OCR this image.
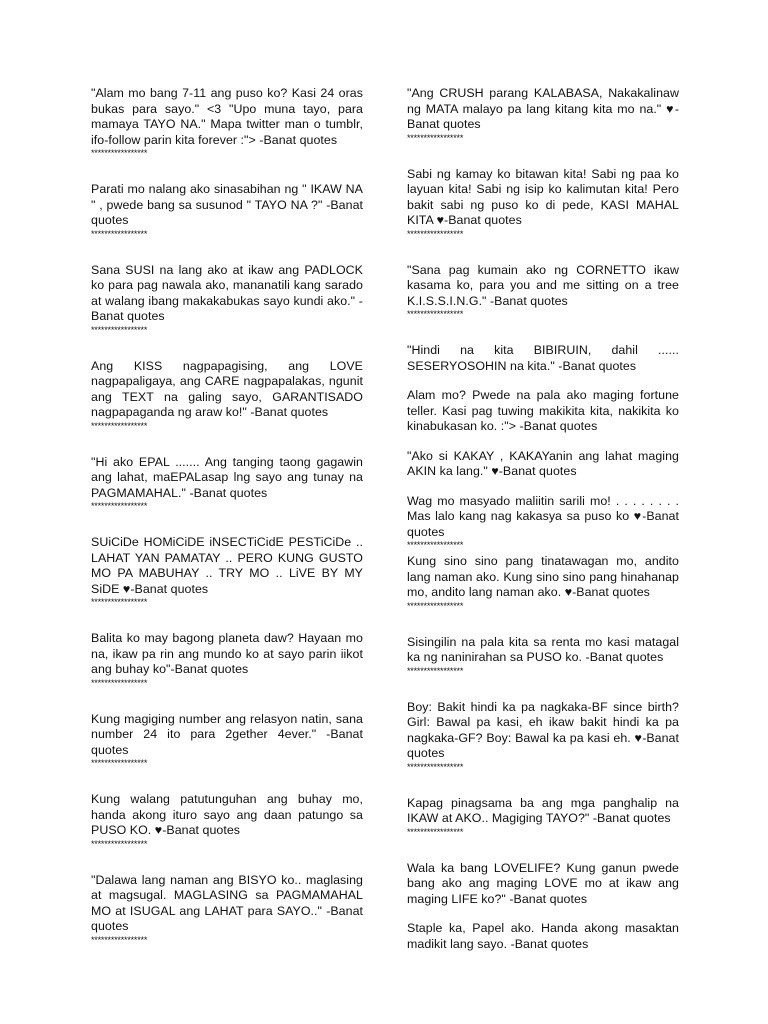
"Alam mo bang 7-11 ang puso ko? Kasi 24 oras bukas para sayo." <3 "Upo muna tayo, para mamaya TAYO NA." Mapa twitter man o tumblr, ifo-follow parin kita forever :"> -Banat quotes
*****************
Parati mo nalang ako sinasabihan ng " IKAW NA " , pwede bang sa susunod " TAYO NA ?" -Banat quotes
*****************
Sana SUSI na lang ako at ikaw ang PADLOCK ko para pag nawala ako, mananatili kang sarado at walang ibang makakabukas sayo kundi ako." -Banat quotes
*****************
Ang KISS nagpapagising, ang LOVE nagpapaligaya, ang CARE nagpapalakas, ngunit ang TEXT na galing sayo, GARANTISADO nagpapaganda ng araw ko!" -Banat quotes
*****************
"Hi ako EPAL ....... Ang tanging taong gagawin ang lahat, maEPALasap lng sayo ang tunay na PAGMAMAHAL." -Banat quotes
*****************
SUiCiDe HOMiCiDE iNSECTiCidE PESTiCiDe .. LAHAT YAN PAMATAY .. PERO KUNG GUSTO MO PA MABUHAY .. TRY MO .. LiVE BY MY SiDE ♥-Banat quotes
*****************
Balita ko may bagong planeta daw? Hayaan mo na, ikaw pa rin ang mundo ko at sayo parin iikot ang buhay ko"-Banat quotes
*****************
Kung magiging number ang relasyon natin, sana number 24 ito para 2gether 4ever." -Banat quotes
*****************
Kung walang patutunguhan ang buhay mo, handa akong ituro sayo ang daan patungo sa PUSO KO. ♥-Banat quotes
*****************
"Dalawa lang naman ang BISYO ko.. maglasing at magsugal. MAGLASING sa PAGMAMAHAL MO at ISUGAL ang LAHAT para SAYO.." -Banat quotes
*****************
"Ang CRUSH parang KALABASA, Nakakalinaw ng MATA malayo pa lang kitang kita mo na." ♥-Banat quotes
*****************
Sabi ng kamay ko bitawan kita! Sabi ng paa ko layuan kita! Sabi ng isip ko kalimutan kita! Pero bakit sabi ng puso ko di pede, KASI MAHAL KITA ♥-Banat quotes
*****************
"Sana pag kumain ako ng CORNETTO ikaw kasama ko, para you and me sitting on a tree K.I.S.S.I.N.G." -Banat quotes
*****************
"Hindi na kita BIBIRUIN, dahil ...... SESERYOSOHIN na kita." -Banat quotes
Alam mo? Pwede na pala ako maging fortune teller. Kasi pag tuwing makikita kita, nakikita ko kinabukasan ko. :"> -Banat quotes
"Ako si KAKAY , KAKAYanin ang lahat maging AKIN ka lang." ♥-Banat quotes
Wag mo masyado maliitin sarili mo! . . . . . . . . Mas lalo kang nag kakasya sa puso ko ♥-Banat quotes
*****************
Kung sino sino pang tinatawagan mo, andito lang naman ako. Kung sino sino pang hinahanap mo, andito lang naman ako. ♥-Banat quotes
*****************
Sisingilin na pala kita sa renta mo kasi matagal ka ng naninirahan sa PUSO ko. -Banat quotes
*****************
Boy: Bakit hindi ka pa nagkaka-BF since birth? Girl: Bawal pa kasi, eh ikaw bakit hindi ka pa nagkaka-GF? Boy: Bawal ka pa kasi eh. ♥-Banat quotes
*****************
Kapag pinagsama ba ang mga panghalip na IKAW at AKO.. Magiging TAYO?" -Banat quotes
*****************
Wala ka bang LOVELIFE? Kung ganun pwede bang ako ang maging LOVE mo at ikaw ang maging LIFE ko?" -Banat quotes
Staple ka, Papel ako. Handa akong masaktan madikit lang sayo. -Banat quotes
